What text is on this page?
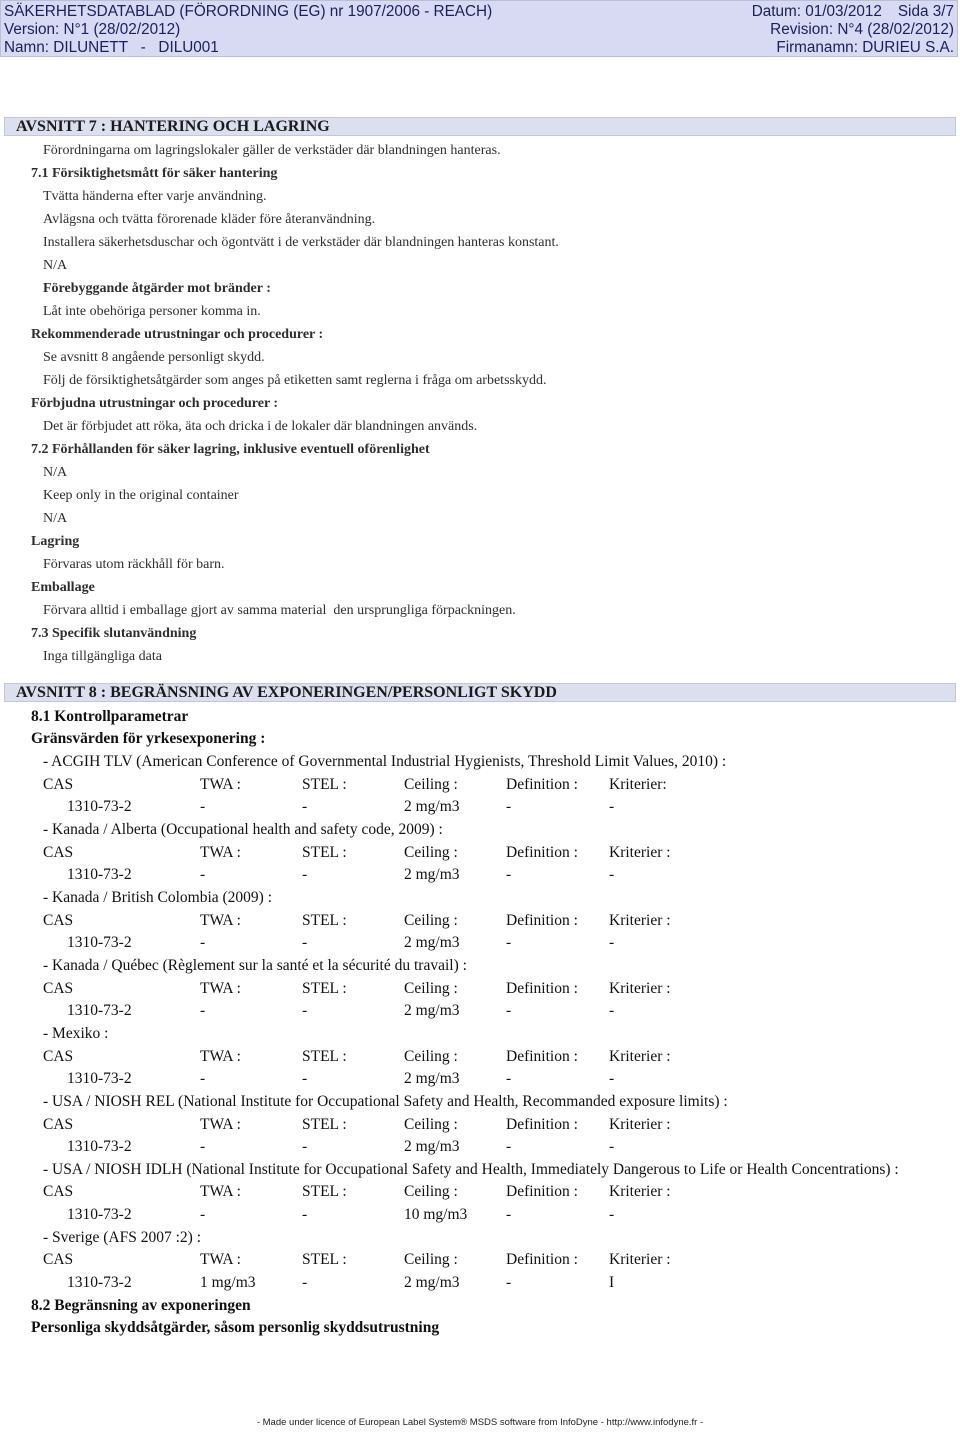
SÄKERHETSDATABLAD (FÖRORDNING (EG) nr 1907/2006 - REACH)

	Datum: 01/03/2012 Sida 3/7

Version: N°1 (28/02/2012)

	Revision: N°4 (28/02/2012)

Namn: DILUNETT   -   DILU001

	Firmanamn: DURIEU S.A.

AVSNITT 7 : HANTERING OCH LAGRING
Förordningarna om lagringslokaler gäller de verkstäder där blandningen hanteras.
7.1 Försiktighetsmått för säker hantering
Tvätta händerna efter varje användning.
Avlägsna och tvätta förorenade kläder före återanvändning.
Installera säkerhetsduschar och ögontvätt i de verkstäder där blandningen hanteras konstant.
N/A
Förebyggande åtgärder mot bränder :
Låt inte obehöriga personer komma in.
Rekommenderade utrustningar och procedurer :
Se avsnitt 8 angående personligt skydd.
Följ de försiktighetsåtgärder som anges på etiketten samt reglerna i fråga om arbetsskydd.
Förbjudna utrustningar och procedurer :
Det är förbjudet att röka, äta och dricka i de lokaler där blandningen används.
7.2 Förhållanden för säker lagring, inklusive eventuell oförenlighet
N/A
Keep only in the original container
N/A
Lagring
Förvaras utom räckhåll för barn.
Emballage
Förvara alltid i emballage gjort av samma material  den ursprungliga förpackningen.
7.3 Specifik slutanvändning
Inga tillgängliga data
AVSNITT 8 : BEGRÄNSNING AV EXPONERINGEN/PERSONLIGT SKYDD
8.1 Kontrollparametrar
Gränsvärden för yrkesexponering :
- ACGIH TLV (American Conference of Governmental Industrial Hygienists, Threshold Limit Values, 2010) :
CAS	TWA :	STEL :	Ceiling :	Definition : Kriterier:
1310-73-2	-	-	2 mg/m3	-	-
- Kanada / Alberta (Occupational health and safety code, 2009) :
CAS	TWA :	STEL :	Ceiling :	Definition : Kriterier :
1310-73-2	-	-	2 mg/m3	-	-
- Kanada / British Colombia (2009) :
CAS	TWA :	STEL :	Ceiling :	Definition : Kriterier :
1310-73-2	-	-	2 mg/m3	-	-
- Kanada / Québec (Règlement sur la santé et la sécurité du travail) :
CAS	TWA :	STEL :	Ceiling :	Definition : Kriterier :
1310-73-2	-	-	2 mg/m3	-	-
- Mexiko :
CAS	TWA :	STEL :	Ceiling :	Definition : Kriterier :
1310-73-2	-	-	2 mg/m3	-	-
- USA / NIOSH REL (National Institute for Occupational Safety and Health, Recommanded exposure limits) :
CAS	TWA :	STEL :	Ceiling :	Definition : Kriterier :
1310-73-2	-	-	2 mg/m3	-	-
- USA / NIOSH IDLH (National Institute for Occupational Safety and Health, Immediately Dangerous to Life or Health Concentrations) :
CAS	TWA :	STEL :	Ceiling :	Definition : Kriterier :
1310-73-2	-	-	10 mg/m3 -	-
- Sverige (AFS 2007 :2) :
CAS	TWA :	STEL :	Ceiling :	Definition : Kriterier :
1310-73-2	1 mg/m3	-	2 mg/m3	-	I
8.2 Begränsning av exponeringen
Personliga skyddsåtgärder, såsom personlig skyddsutrustning
- Made under licence of European Label System® MSDS software from InfoDyne - http://www.infodyne.fr -
